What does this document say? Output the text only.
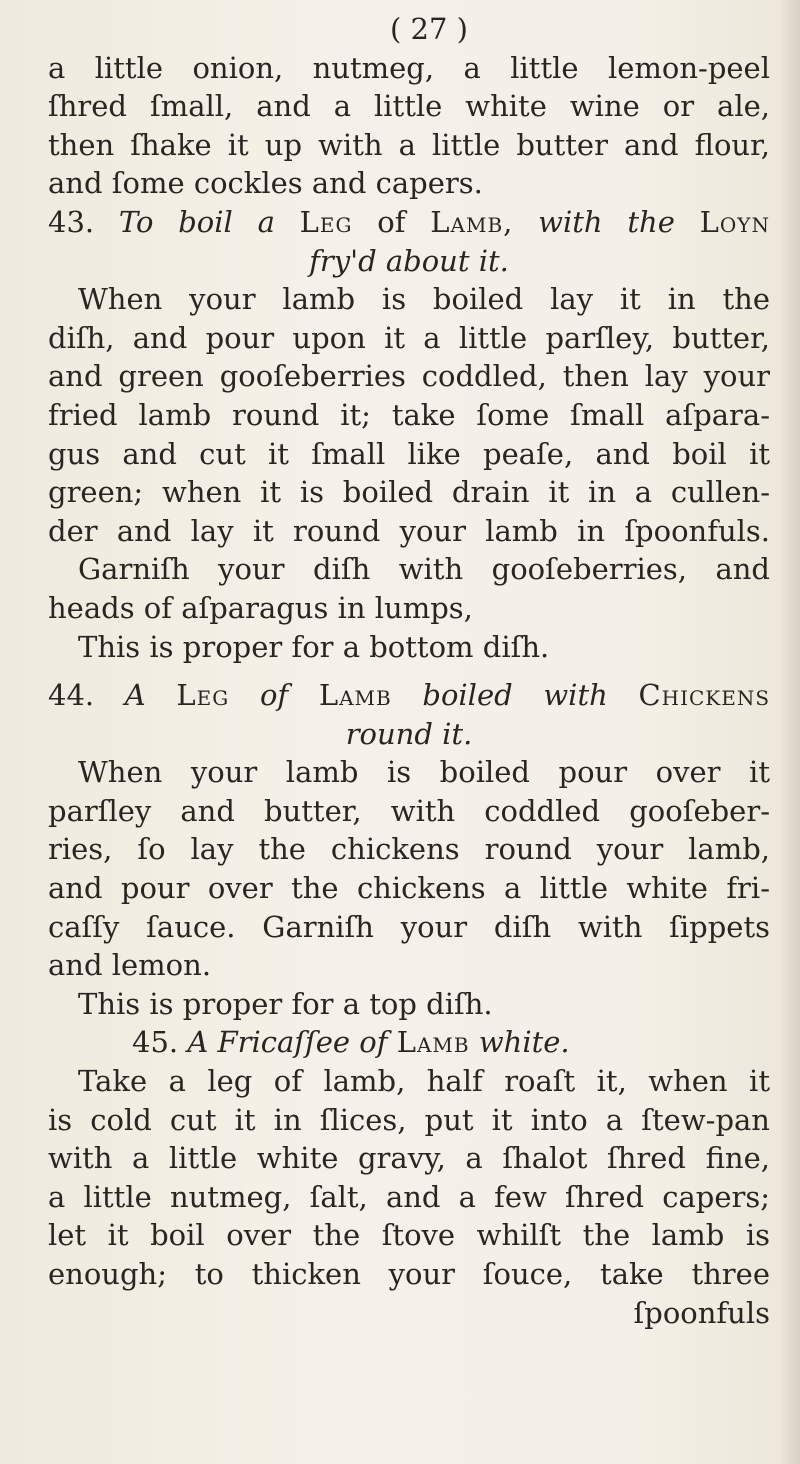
( 27 )
a little onion, nutmeg, a little lemon-peel
ſhred ſmall, and a little white wine or ale,
then ſhake it up with a little butter and flour,
and ſome cockles and capers.
43. To boil a Leg of Lamb, with the Loyn
fry'd about it.
When your lamb is boiled lay it in the
diſh, and pour upon it a little parſley, butter,
and green gooſeberries coddled, then lay your
fried lamb round it; take ſome ſmall aſpara-
gus and cut it ſmall like peaſe, and boil it
green; when it is boiled drain it in a cullen-
der and lay it round your lamb in ſpoonfuls.
Garniſh your diſh with gooſeberries, and
heads of aſparagus in lumps,
This is proper for a bottom diſh.
44. A Leg of Lamb boiled with Chickens
round it.
When your lamb is boiled pour over it
parſley and butter, with coddled gooſeber-
ries, ſo lay the chickens round your lamb,
and pour over the chickens a little white fri-
caſſy ſauce. Garniſh your diſh with ſippets
and lemon.
This is proper for a top diſh.
45. A Fricaſſee of Lamb white.
Take a leg of lamb, half roaſt it, when it
is cold cut it in ſlices, put it into a ſtew-pan
with a little white gravy, a ſhalot ſhred fine,
a little nutmeg, ſalt, and a few ſhred capers;
let it boil over the ſtove whilſt the lamb is
enough; to thicken your ſouce, take three
ſpoonfuls
